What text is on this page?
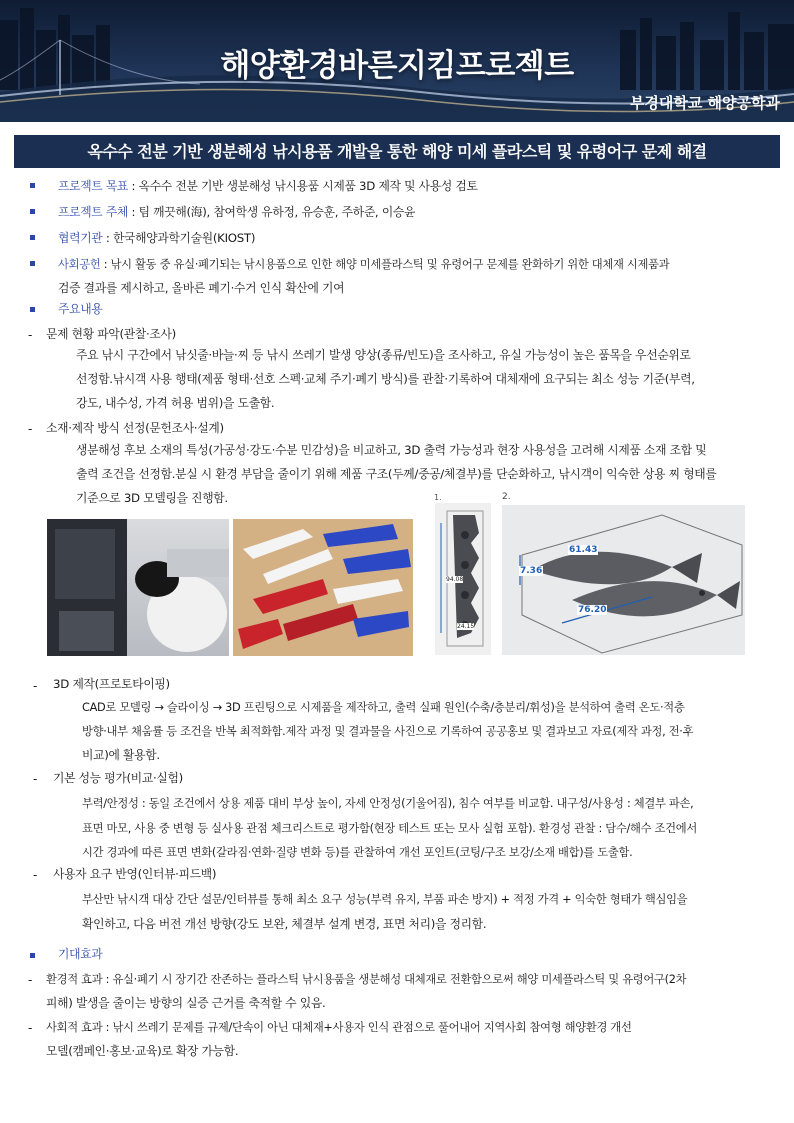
해양환경바른지킴프로젝트
부경대학교 해양공학과
옥수수 전분 기반 생분해성 낚시용품 개발을 통한 해양 미세 플라스틱 및 유령어구 문제 해결
프로젝트 목표 : 옥수수 전분 기반 생분해성 낚시용품 시제품 3D 제작 및 사용성 검토
프로젝트 주체 : 팀 깨끗해(海), 참여학생 유하정, 유승훈, 주하준, 이승윤
협력기관 : 한국해양과학기술원(KIOST)
사회공헌 : 낚시 활동 중 유실·폐기되는 낚시용품으로 인한 해양 미세플라스틱 및 유령어구 문제를 완화하기 위한 대체재 시제품과
검증 결과를 제시하고, 올바른 폐기·수거 인식 확산에 기여
주요내용
- 문제 현황 파악(관찰·조사)
주요 낚시 구간에서 낚싯줄·바늘·찌 등 낚시 쓰레기 발생 양상(종류/빈도)을 조사하고, 유실 가능성이 높은 품목을 우선순위로
선정함.낚시객 사용 행태(제품 형태·선호 스펙·교체 주기·폐기 방식)를 관찰·기록하여 대체재에 요구되는 최소 성능 기준(부력,
강도, 내수성, 가격 허용 범위)을 도출함.
- 소재·제작 방식 선정(문헌조사·설계)
생분해성 후보 소재의 특성(가공성·강도·수분 민감성)을 비교하고, 3D 출력 가능성과 현장 사용성을 고려해 시제품 소재 조합 및
출력 조건을 선정함.분실 시 환경 부담을 줄이기 위해 제품 구조(두께/중공/체결부)를 단순화하고, 낚시객이 익숙한 상용 찌 형태를
기준으로 3D 모델링을 진행함.	1.
94.08
24.15
2.
61.43
7.36
76.20
- 3D 제작(프로토타이핑)
CAD로 모델링 → 슬라이싱 → 3D 프린팅으로 시제품을 제작하고, 출력 실패 원인(수축/층분리/휘성)을 분석하여 출력 온도·적층
방향·내부 채움률 등 조건을 반복 최적화함.제작 과정 및 결과물을 사진으로 기록하여 공공홍보 및 결과보고 자료(제작 과정, 전·후
비교)에 활용함.
- 기본 성능 평가(비교·실험)
부력/안정성 : 동일 조건에서 상용 제품 대비 부상 높이, 자세 안정성(기울어짐), 침수 여부를 비교함. 내구성/사용성 : 체결부 파손,
표면 마모, 사용 중 변형 등 실사용 관점 체크리스트로 평가함(현장 테스트 또는 모사 실험 포함). 환경성 관찰 : 담수/해수 조건에서
시간 경과에 따른 표면 변화(갈라짐·연화·질량 변화 등)를 관찰하여 개선 포인트(코팅/구조 보강/소재 배합)를 도출함.
- 사용자 요구 반영(인터뷰·피드백)
부산만 낚시객 대상 간단 설문/인터뷰를 통해 최소 요구 성능(부력 유지, 부품 파손 방지) + 적정 가격 + 익숙한 형태가 핵심임을
확인하고, 다음 버전 개선 방향(강도 보완, 체결부 설계 변경, 표면 처리)을 정리함.
기대효과
- 환경적 효과 : 유실·폐기 시 장기간 잔존하는 플라스틱 낚시용품을 생분해성 대체재로 전환함으로써 해양 미세플라스틱 및 유령어구(2차
피해) 발생을 줄이는 방향의 실증 근거를 축적할 수 있음.
- 사회적 효과 : 낚시 쓰레기 문제를 규제/단속이 아닌 대체재+사용자 인식 관점으로 풀어내어 지역사회 참여형 해양환경 개선
모델(캠페인·홍보·교육)로 확장 가능함.
